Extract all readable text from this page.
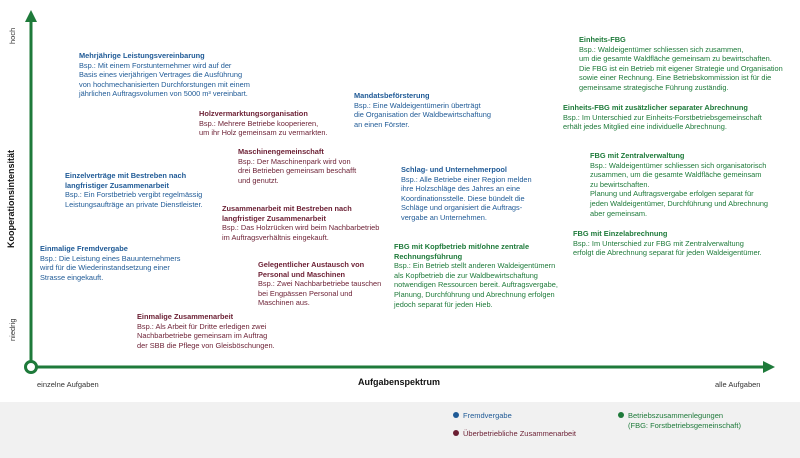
hoch
niedrig
Kooperationsintensität
einzelne Aufgaben	Aufgabenspektrum	alle Aufgaben
Mehrjährige Leistungsvereinbarung
Bsp.: Mit einem Forstunternehmer wird auf der
Basis eines vierjährigen Vertrages die Ausführung
von hochmechanisierten Durchforstungen mit einem
jährlichen Auftragsvolumen von 5000 m³ vereinbart.
Einzelverträge mit Bestreben nach langfristiger Zusammenarbeit
Bsp.: Ein Forstbetrieb vergibt regelmässig
Leistungsaufträge an private Dienstleister.
Einmalige Fremdvergabe
Bsp.: Die Leistung eines Bauunternehmers
wird für die Wiederinstandsetzung einer
Strasse eingekauft.
Mandatsbeförsterung
Bsp.: Eine Waldeigentümerin überträgt
die Organisation der Waldbewirtschaftung
an einen Förster.
Schlag- und Unternehmerpool
Bsp.: Alle Betriebe einer Region melden
ihre Holzschläge des Jahres an eine
Koordinationsstelle. Diese bündelt die
Schläge und organisiert die Auftrags-
vergabe an Unternehmen.
Holzvermarktungsorganisation
Bsp.: Mehrere Betriebe kooperieren,
um ihr Holz gemeinsam zu vermarkten.
Maschinengemeinschaft
Bsp.: Der Maschinenpark wird von
drei Betrieben gemeinsam beschafft
und genutzt.
Zusammenarbeit mit Bestreben nach langfristiger Zusammenarbeit
Bsp.: Das Holzrücken wird beim Nachbarbetrieb
im Auftragsverhältnis eingekauft.
Gelegentlicher Austausch von Personal und Maschinen
Bsp.: Zwei Nachbarbetriebe tauschen
bei Engpässen Personal und
Maschinen aus.
Einmalige Zusammenarbeit
Bsp.: Als Arbeit für Dritte erledigen zwei
Nachbarbetriebe gemeinsam im Auftrag
der SBB die Pflege von Gleisböschungen.
Einheits-FBG
Bsp.: Waldeigentümer schliessen sich zusammen,
um die gesamte Waldfläche gemeinsam zu bewirtschaften.
Die FBG ist ein Betrieb mit eigener Strategie und Organisation
sowie einer Rechnung. Eine Betriebskommission ist für die
gemeinsame strategische Führung zuständig.
Einheits-FBG mit zusätzlicher separater Abrechnung
Bsp.: Im Unterschied zur Einheits-Forstbetriebsgemeinschaft
erhält jedes Mitglied eine individuelle Abrechnung.
FBG mit Zentralverwaltung
Bsp.: Waldeigentümer schliessen sich organisatorisch
zusammen, um die gesamte Waldfläche gemeinsam
zu bewirtschaften.
Planung und Auftragsvergabe erfolgen separat für
jeden Waldeigentümer, Durchführung und Abrechnung
aber gemeinsam.
FBG mit Einzelabrechnung
Bsp.: Im Unterschied zur FBG mit Zentralverwaltung
erfolgt die Abrechnung separat für jeden Waldeigentümer.
FBG mit Kopfbetrieb mit/ohne zentrale Rechnungsführung
Bsp.: Ein Betrieb stellt anderen Waldeigentümern
als Kopfbetrieb die zur Waldbewirtschaftung
notwendigen Ressourcen bereit. Auftragsvergabe,
Planung, Durchführung und Abrechnung erfolgen
jedoch separat für jeden Hieb.
Fremdvergabe
Überbetriebliche Zusammenarbeit
Betriebszusammenlegungen
(FBG: Forstbetriebsgemeinschaft)
